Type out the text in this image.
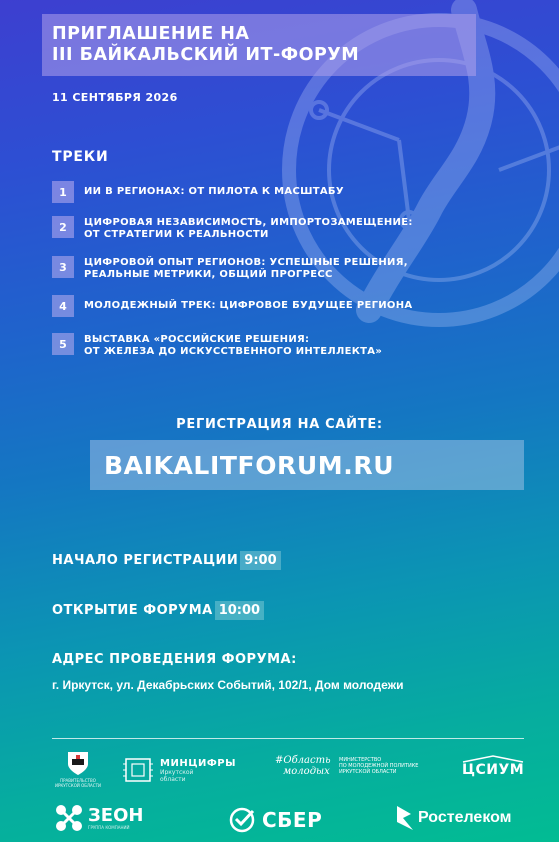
ПРИГЛАШЕНИЕ НА
III БАЙКАЛЬСКИЙ ИТ-ФОРУМ
11 СЕНТЯБРЯ 2026
ТРЕКИ
1	ИИ В РЕГИОНАХ: ОТ ПИЛОТА К МАСШТАБУ
2	ЦИФРОВАЯ НЕЗАВИСИМОСТЬ, ИМПОРТОЗАМЕЩЕНИЕ:
ОТ СТРАТЕГИИ К РЕАЛЬНОСТИ
3	ЦИФРОВОЙ ОПЫТ РЕГИОНОВ: УСПЕШНЫЕ РЕШЕНИЯ,
РЕАЛЬНЫЕ МЕТРИКИ, ОБЩИЙ ПРОГРЕСС
4	МОЛОДЕЖНЫЙ ТРЕК: ЦИФРОВОЕ БУДУЩЕЕ РЕГИОНА
5	ВЫСТАВКА «РОССИЙСКИЕ РЕШЕНИЯ:
ОТ ЖЕЛЕЗА ДО ИСКУССТВЕННОГО ИНТЕЛЛЕКТА»
РЕГИСТРАЦИЯ НА САЙТЕ:
BAIKALITFORUM.RU
НАЧАЛО РЕГИСТРАЦИИ 9:00
ОТКРЫТИЕ ФОРУМА 10:00
АДРЕС ПРОВЕДЕНИЯ ФОРУМА:
г. Иркутск, ул. Декабрьских Событий, 102/1, Дом молодежи
ПРАВИТЕЛЬСТВО ИРКУТСКОЙ ОБЛАСТИ
МИНЦИФРЫ
Иркутской
области
#Область
молодых
МИНИСТЕРСТВО
ПО МОЛОДЕЖНОЙ ПОЛИТИКЕ
ИРКУТСКОЙ ОБЛАСТИ	ЦСИУМ
ЗЕОН
ГРУППА КОМПАНИЙ	СБЕР	Ростелеком
